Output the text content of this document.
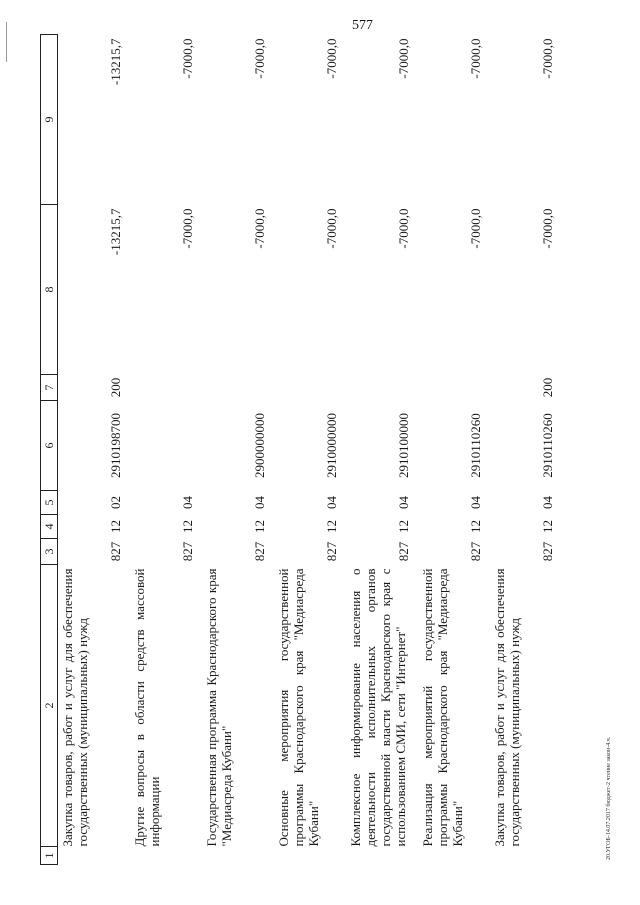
577
20.УГОБ-14.07.2017 бюджет-2 чтение закон-4.ч.
1	2	3	4	5	6	7	8	9
	Закупка товаров, работ и услуг для обеспечения государственных (муниципальных) нужд	827	12	02	2910198700	200	-13215,7	-13215,7
	Другие вопросы в области средств массовой информации	827	12	04			-7000,0	-7000,0
	Государственная программа Краснодарского края "Медиасреда Кубани"	827	12	04	2900000000		-7000,0	-7000,0
	Основные мероприятия государственной программы Краснодарского края "Медиасреда Кубани"	827	12	04	2910000000		-7000,0	-7000,0
	Комплексное информирование населения о деятельности исполнительных органов государственной власти Краснодарского края с использованием СМИ, сети "Интернет"	827	12	04	2910100000		-7000,0	-7000,0
	Реализация мероприятий государственной программы Краснодарского края "Медиасреда Кубани"	827	12	04	2910110260		-7000,0	-7000,0
	Закупка товаров, работ и услуг для обеспечения государственных (муниципальных) нужд	827	12	04	2910110260	200	-7000,0	-7000,0
